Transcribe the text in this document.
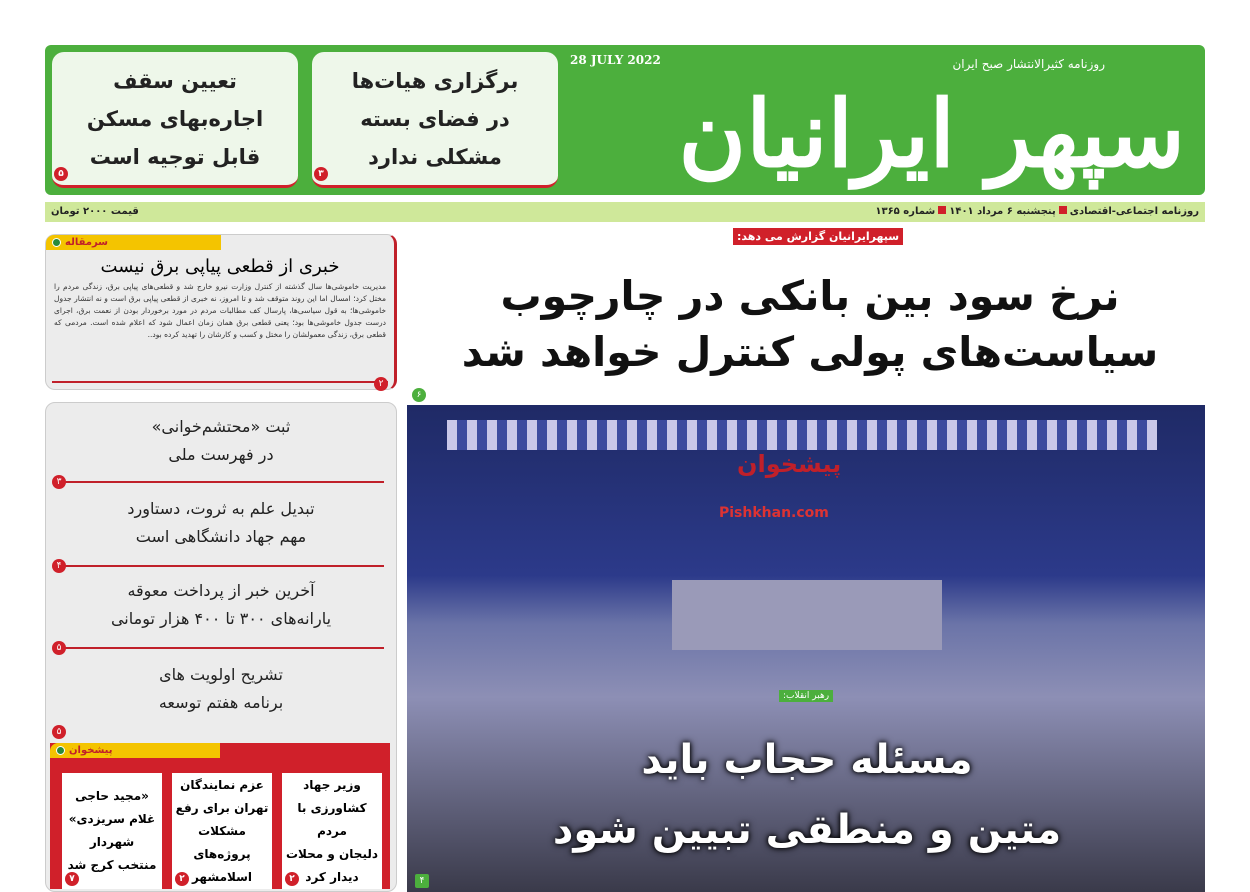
سپهر ایرانیان
روزنامه کثیرالانتشار صبح ایران
28 JULY 2022
برگزاری هیات‌ها
در فضای بسته
مشکلی ندارد
۳
تعیین سقف
اجاره‌بهای مسکن
قابل توجیه است
۵
روزنامه اجتماعی-اقتصادیپنجشنبه ۶ مرداد ۱۴۰۱شماره ۱۳۶۵
قیمت ۲۰۰۰ تومان
سپهرایرانیان گزارش می دهد:
نرخ سود بین بانکی در چارچوب
سیاست‌های پولی کنترل خواهد شد
۶
سرمقاله
خبری از قطعی پیاپی برق نیست
مدیریت خاموشی‌ها سال گذشته از کنترل وزارت نیرو خارج شد و قطعی‌های پیاپی برق، زندگی مردم را مختل کرد؛ امسال اما این روند متوقف شد و تا امروز، نه خبری از قطعی پیاپی برق است و نه انتشار جدول خاموشی‌ها؛ به قول سیاسی‌ها، پارسال کف مطالبات مردم در مورد برخوردار بودن از نعمت برق، اجرای درست جدول خاموشی‌ها بود؛ یعنی قطعی برق همان زمان اعمال شود که اعلام شده است. مردمی که قطعی برق، زندگی معمولشان را مختل و کسب و کارشان را تهدید کرده بود..
۲
ثبت «محتشم‌خوانی»
در فهرست ملی
۳
تبدیل علم به ثروت، دستاورد
مهم جهاد دانشگاهی است
۴
آخرین خبر از پرداخت معوقه
یارانه‌های ۳۰۰ تا ۴۰۰ هزار تومانی
۵
تشریح اولویت های
برنامه هفتم توسعه
۵
پیشخوان
وزیر جهاد
کشاورزی با مردم
دلیجان و محلات
دیدار کرد
۲
عزم نمایندگان
تهران برای رفع
مشکلات پروژه‌های
اسلامشهر
۲
«مجید حاجی
غلام سریزدی»
شهردار
منتخب کرج شد
۷
پیشخوان
Pishkhan.com
رهبر انقلاب:
مسئله حجاب باید
متین و منطقی تبیین شود
۴
